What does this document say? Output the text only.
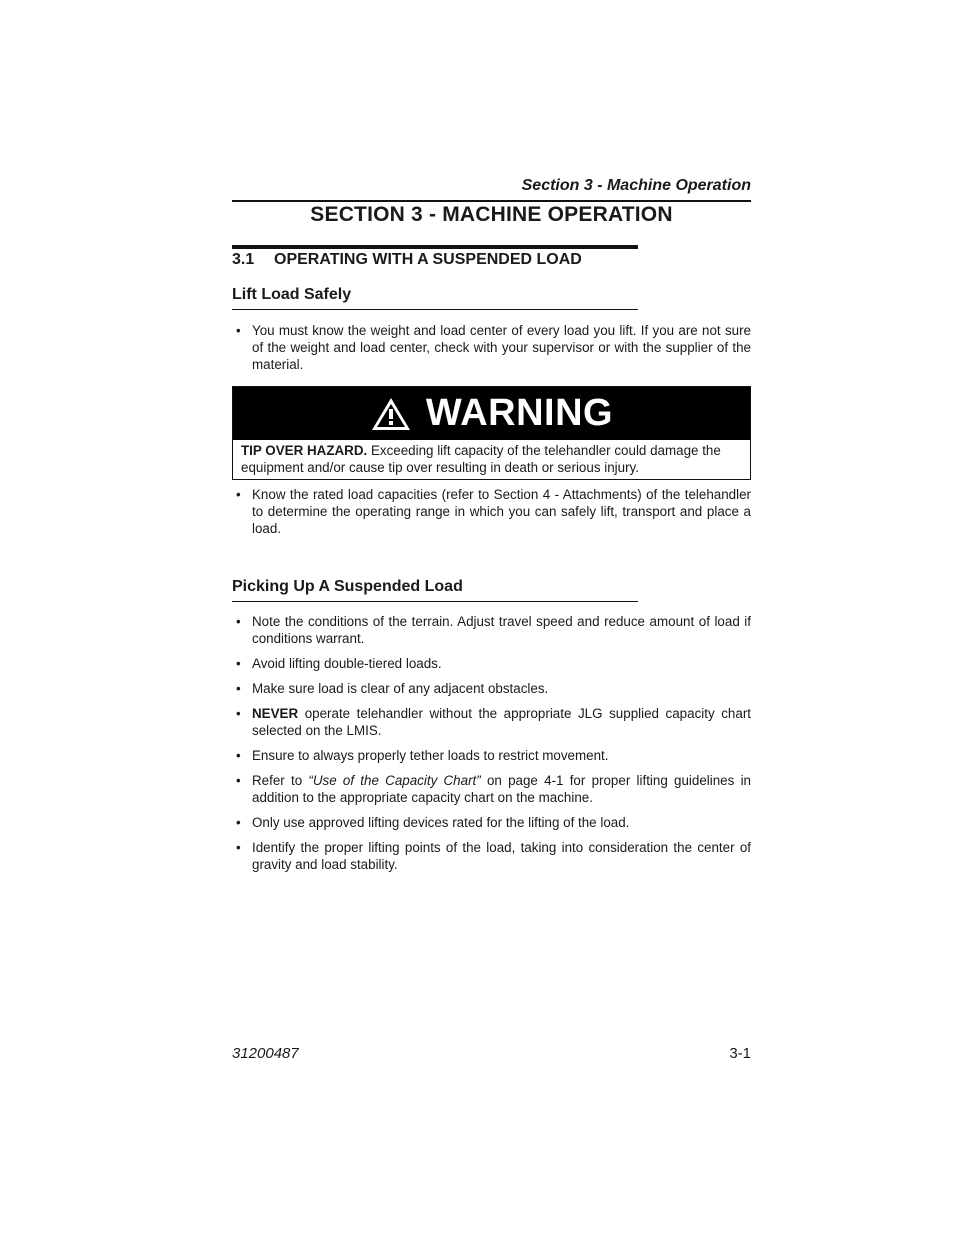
Section 3 - Machine Operation
SECTION 3 - MACHINE OPERATION
3.1 OPERATING WITH A SUSPENDED LOAD
Lift Load Safely
• You must know the weight and load center of every load you lift. If you are not sure of the weight and load center, check with your supervisor or with the supplier of the material.
WARNING
TIP OVER HAZARD. Exceeding lift capacity of the telehandler could damage the equipment and/or cause tip over resulting in death or serious injury.
• Know the rated load capacities (refer to Section 4 - Attachments) of the telehandler to determine the operating range in which you can safely lift, transport and place a load.
Picking Up A Suspended Load
• Note the conditions of the terrain. Adjust travel speed and reduce amount of load if conditions warrant.
• Avoid lifting double-tiered loads.
• Make sure load is clear of any adjacent obstacles.
• NEVER operate telehandler without the appropriate JLG supplied capacity chart selected on the LMIS.
• Ensure to always properly tether loads to restrict movement.
• Refer to “Use of the Capacity Chart” on page 4-1 for proper lifting guidelines in addition to the appropriate capacity chart on the machine.
• Only use approved lifting devices rated for the lifting of the load.
• Identify the proper lifting points of the load, taking into consideration the center of gravity and load stability.
31200487	3-1
